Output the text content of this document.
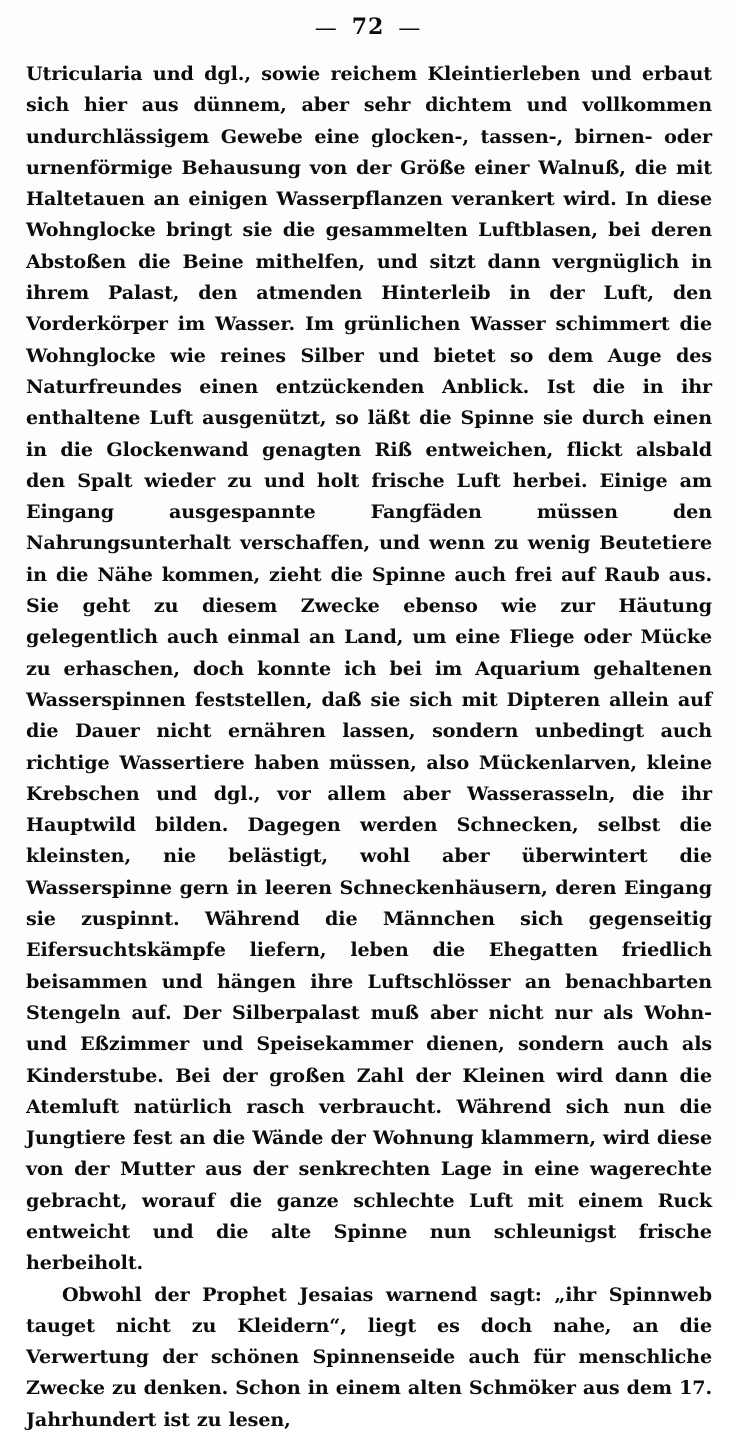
— 72 —

Utricularia und dgl., sowie reichem Kleintierleben und erbaut sich hier aus dünnem, aber sehr dichtem und vollkommen undurchlässigem Gewebe eine glocken-, tassen-, birnen- oder urnenförmige Behausung von der Größe einer Walnuß, die mit Haltetauen an einigen Wasserpflanzen verankert wird. In diese Wohnglocke bringt sie die gesammelten Luftblasen, bei deren Abstoßen die Beine mithelfen, und sitzt dann vergnüglich in ihrem Palast, den atmenden Hinterleib in der Luft, den Vorderkörper im Wasser. Im grünlichen Wasser schimmert die Wohnglocke wie reines Silber und bietet so dem Auge des Naturfreundes einen entzückenden Anblick. Ist die in ihr enthaltene Luft ausgenützt, so läßt die Spinne sie durch einen in die Glockenwand genagten Riß entweichen, flickt alsbald den Spalt wieder zu und holt frische Luft herbei. Einige am Eingang ausgespannte Fangfäden müssen den Nahrungsunterhalt verschaffen, und wenn zu wenig Beutetiere in die Nähe kommen, zieht die Spinne auch frei auf Raub aus. Sie geht zu diesem Zwecke ebenso wie zur Häutung gelegentlich auch einmal an Land, um eine Fliege oder Mücke zu erhaschen, doch konnte ich bei im Aquarium gehaltenen Wasserspinnen feststellen, daß sie sich mit Dipteren allein auf die Dauer nicht ernähren lassen, sondern unbedingt auch richtige Wassertiere haben müssen, also Mückenlarven, kleine Krebschen und dgl., vor allem aber Wasserasseln, die ihr Hauptwild bilden. Dagegen werden Schnecken, selbst die kleinsten, nie belästigt, wohl aber überwintert die Wasserspinne gern in leeren Schneckenhäusern, deren Eingang sie zuspinnt. Während die Männchen sich gegenseitig Eifersuchtskämpfe liefern, leben die Ehegatten friedlich beisammen und hängen ihre Luftschlösser an benachbarten Stengeln auf. Der Silberpalast muß aber nicht nur als Wohn- und Eßzimmer und Speisekammer dienen, sondern auch als Kinderstube. Bei der großen Zahl der Kleinen wird dann die Atemluft natürlich rasch verbraucht. Während sich nun die Jungtiere fest an die Wände der Wohnung klammern, wird diese von der Mutter aus der senkrechten Lage in eine wagerechte gebracht, worauf die ganze schlechte Luft mit einem Ruck entweicht und die alte Spinne nun schleunigst frische herbeiholt.

Obwohl der Prophet Jesaias warnend sagt: „ihr Spinnweb tauget nicht zu Kleidern“, liegt es doch nahe, an die Verwertung der schönen Spinnenseide auch für menschliche Zwecke zu denken. Schon in einem alten Schmöker aus dem 17. Jahrhundert ist zu lesen,
